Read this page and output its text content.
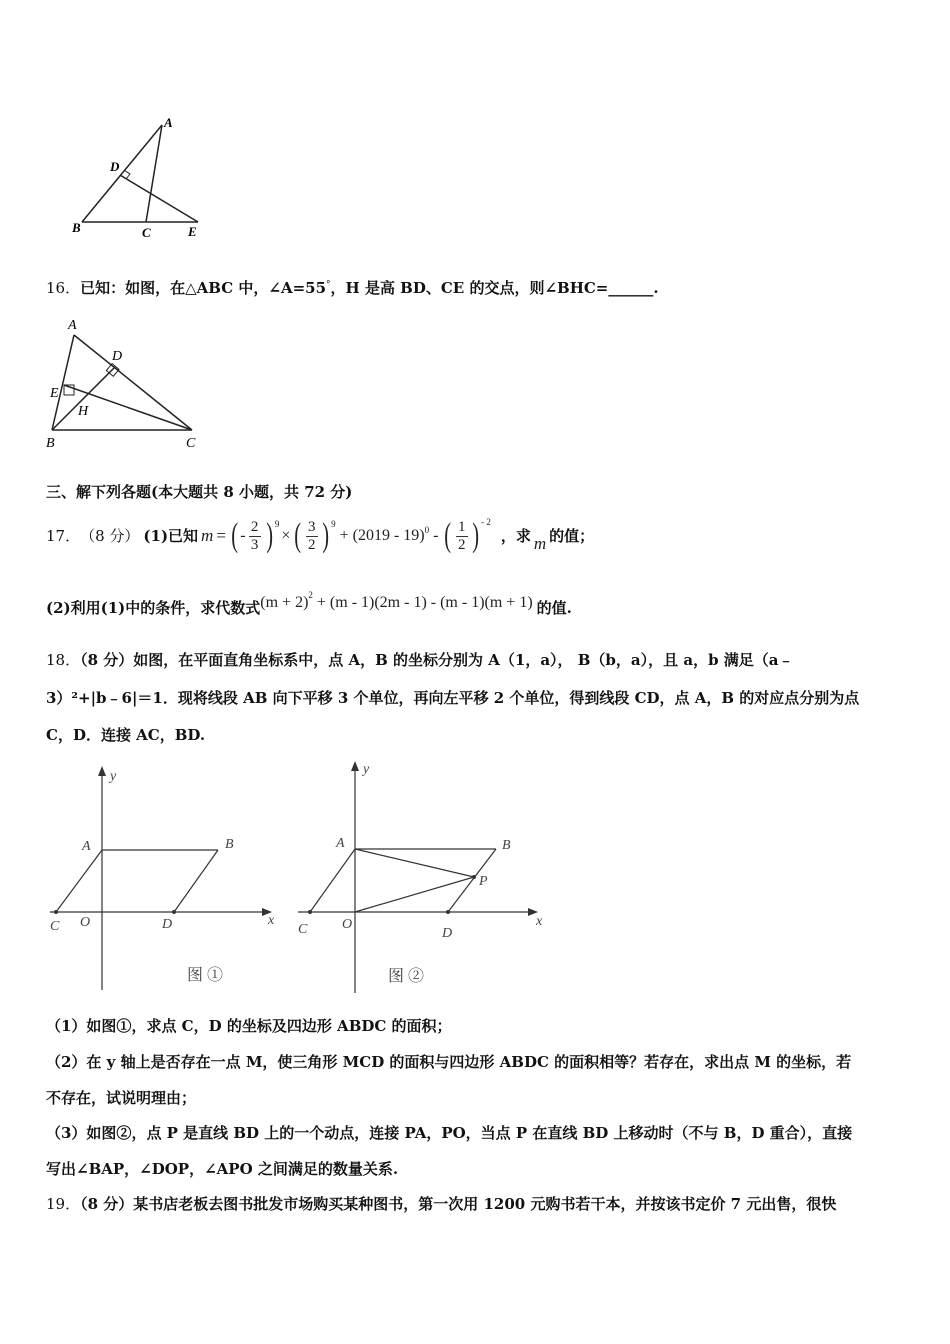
A
D
B	C	E
16．已知：如图，在△ABC 中，∠A=55°，H 是高 BD、CE 的交点，则∠BHC=______.
A
D
E
H
B	C
三、解下列各题(本大题共 8 小题，共 72 分)
17． （8 分） (1)已知 m = ( -
2
3 ) 9
× ( 3
2 ) 9
+ (2019 - 19) 0 - ( 1
2 ) - 2
，求 m 的值；
(2)利用(1)中的条件，求代数式 (m + 2) 2 + (m - 1)(2m - 1) - (m - 1)(m + 1) 的值.
18．（8 分）如图，在平面直角坐标系中，点 A，B 的坐标分别为 A（1，a）， B（b，a），且 a，b 满足（a﹣
3）²+|b﹣6|＝1．现将线段 AB 向下平移 3 个单位，再向左平移 2 个单位，得到线段 CD，点 A，B 的对应点分别为点
C，D．连接 AC，BD.
y
A	B
C O	D	x
图 ①
y
A	B
P
C O
D
x
图 ②
（1）如图①，求点 C，D 的坐标及四边形 ABDC 的面积；
（2）在 y 轴上是否存在一点 M，使三角形 MCD 的面积与四边形 ABDC 的面积相等？若存在，求出点 M 的坐标，若
不存在，试说明理由；
（3）如图②，点 P 是直线 BD 上的一个动点，连接 PA，PO，当点 P 在直线 BD 上移动时（不与 B，D 重合），直接
写出∠BAP，∠DOP，∠APO 之间满足的数量关系.
19．（8 分）某书店老板去图书批发市场购买某种图书，第一次用 1200 元购书若干本，并按该书定价 7 元出售，很快
